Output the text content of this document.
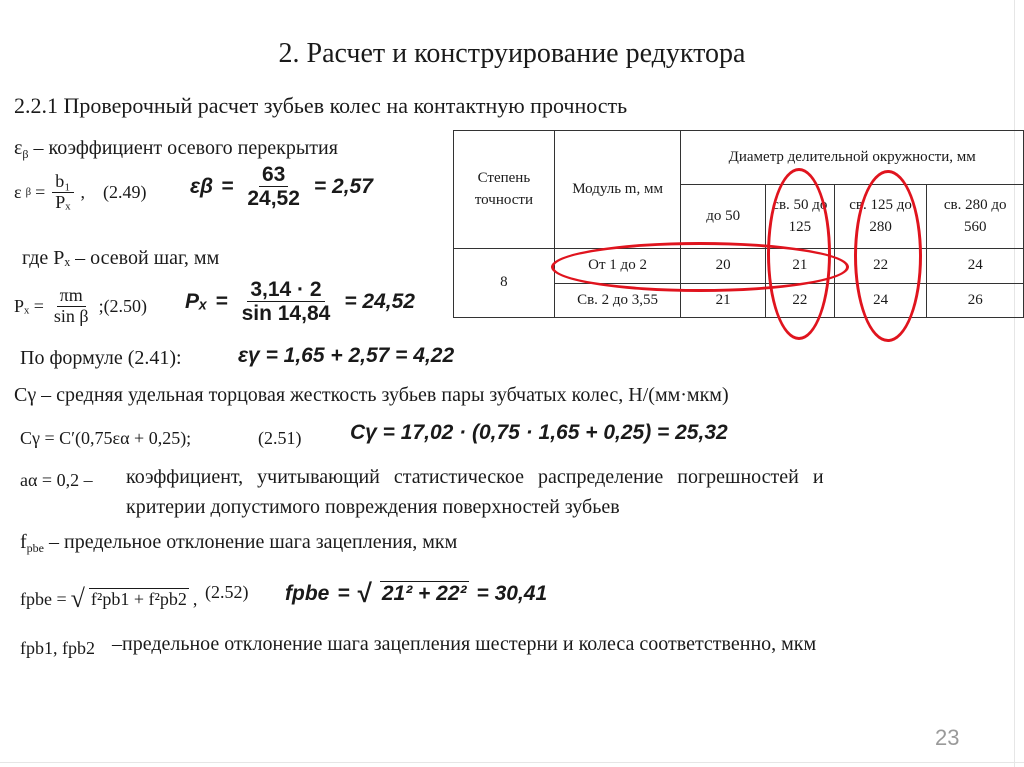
2. Расчет и конструирование редуктора
2.2.1 Проверочный расчет зубьев колес на контактную прочность
$\varepsilon_\beta$ – коэффициент осевого перекрытия
ε $\beta = \frac{\text{b₁}}{\text{Pₓ}}$ , (2.49) $\varepsilon\beta = \frac{63}{24,52} = 2,57$
где Pₓ – осевой шаг, мм
$P_x = \frac{\pi m}{\text{sin β}}$ ;(2.50) $P_x = \frac{3,14 \cdot 2}{\sin 14,84} = 24,52$
По формуле (2.41):	εγ = 1,65 + 2,57 = 4,22
Cγ – средняя удельная торцовая жесткость зубьев пары зубчатых колес, Н/(мм·мкм)
Cγ = C′(0,75εα + 0,25);	(2.51) Cγ = 17,02 · (0,75 · 1,65 + 0,25) = 25,32
aα = 0,2 – коэффициент, учитывающий статистическое распределение погрешностей и
критерии допустимого повреждения поверхностей зубьев
$f_{pbe}$ – предельное отклонение шага зацепления, мкм
fpbe = √ f²pb1 + f²pb2 , (2.52) fpbe = √ 21² + 22² = 30,41
fpb1, fpb2 –предельное отклонение шага зацепления шестерни и колеса соответственно, мкм
Степень точности	Модуль m, мм	Диаметр делительной окружности, мм			
		до 50	св. 50 до 125	св. 125 до 280	св. 280 до 560
8	От 1 до 2	20	21	22	24
	Св. 2 до 3,55	21	22	24	26
23
